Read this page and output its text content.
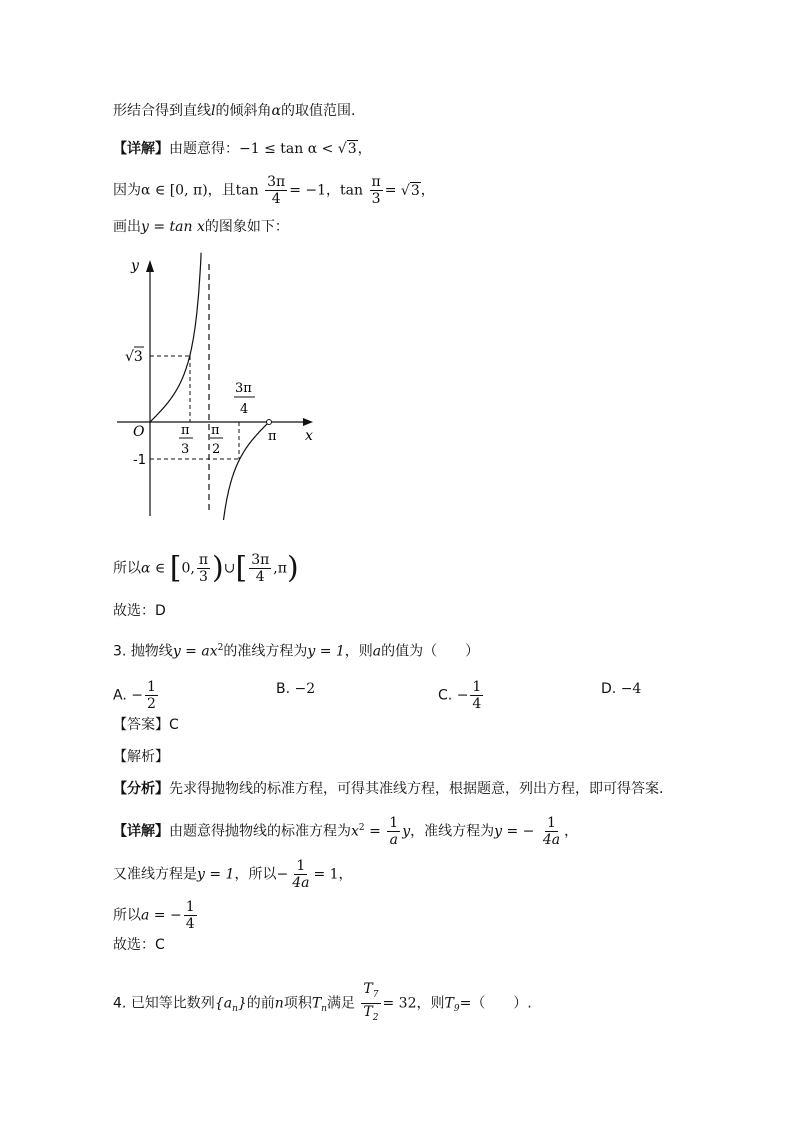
形结合得到直线l的倾斜角α的取值范围.
【详解】由题意得：−1 ≤ tan α < √3，
因为α ∈ [0, π)，且$\tan \frac{3\pi}{4} = -1$，$\tan \frac{\pi}{3} = √3$，
画出y = tan x的图象如下：
y
x
O
√3
-1
π
3
π
2
3π
4
π
所以α ∈ [0, $\frac{\pi}{3}$ )∪[ $\frac{3\pi}{4} ,\pi$)
故选：D
3. 抛物线$y = ax^2$的准线方程为y = 1，则a的值为（　　）
A. − $\frac{1}{2}$	B. −2	C. − $\frac{1}{4}$	D. −4
【答案】C
【解析】
【分析】先求得抛物线的标准方程，可得其准线方程，根据题意，列出方程，即可得答案.
【详解】由题意得抛物线的标准方程为$x^2 = \frac{1}{a}$ y，准线方程为y = − $\frac{1}{4a}$ ，
又准线方程是y = 1，所以− $\frac{1}{4a} = 1$，
所以a = − $\frac{1}{4}$
故选：C
4. 已知等比数列$\{a_n\}$的前n项积$T_n$满足 $\frac{T_7}{T_2} = 32$，则$T_9=$（　　）.
